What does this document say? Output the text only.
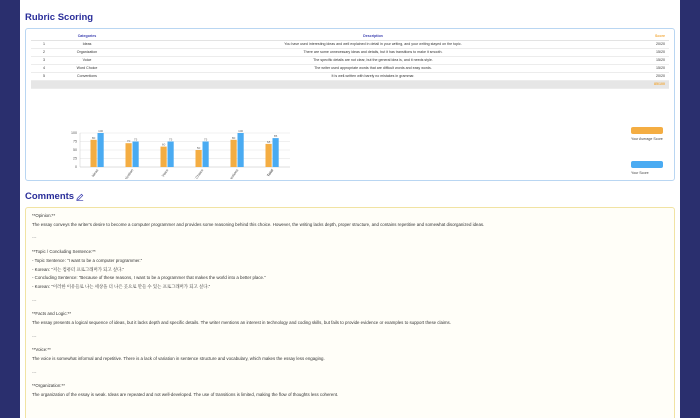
Rubric Scoring
	Categories	Description	Score
1	Ideas	You have used interesting ideas and well explained in detail in your writing, and your writing stayed on the topic.	20/20
2	Organization	There are some unnecessary ideas and details, but it has transitions to make it smooth.	15/20
3	Voice	The specific details are not clear, but the general idea is, and it needs style.	15/20
4	Word Choice	The writer used appropriate words that are difficult words and easy words.	15/20
5	Conventions	It is well-written with barely no mistakes in grammar.	20/20
			85/100
0
25
50
75
100
80
100
Ideas
70 75
Organization
60
75
Voice
50
75
Word Choice
80
100
Conventions
68
85
Total
Your Average Score
Your Score
Comments

**Opinion:**

The essay conveys the writer's desire to become a computer programmer and provides some reasoning behind this choice. However, the writing lacks depth, proper structure, and contains repetitive and somewhat disorganized ideas.

---

**Topic / Concluding Sentence:**

- Topic Sentence: "I want to be a computer programmer."

- Korean: "저는 컴퓨터 프로그래머가 되고 싶다."

- Concluding Sentence: "Because of these reasons, I want to be a programmer that makes the world into a better place."

- Korean: "이러한 이유들로 나는 세상을 더 나은 곳으로 만들 수 있는 프로그래머가 되고 싶다."

---

**Facts and Logic:**

The essay presents a logical sequence of ideas, but it lacks depth and specific details. The writer mentions an interest in technology and coding skills, but fails to provide evidence or examples to support these claims.

---

**Voice:**

The voice is somewhat informal and repetitive. There is a lack of variation in sentence structure and vocabulary, which makes the essay less engaging.

---

**Organization:**

The organization of the essay is weak. Ideas are repeated and not well-developed. The use of transitions is limited, making the flow of thoughts less coherent.
